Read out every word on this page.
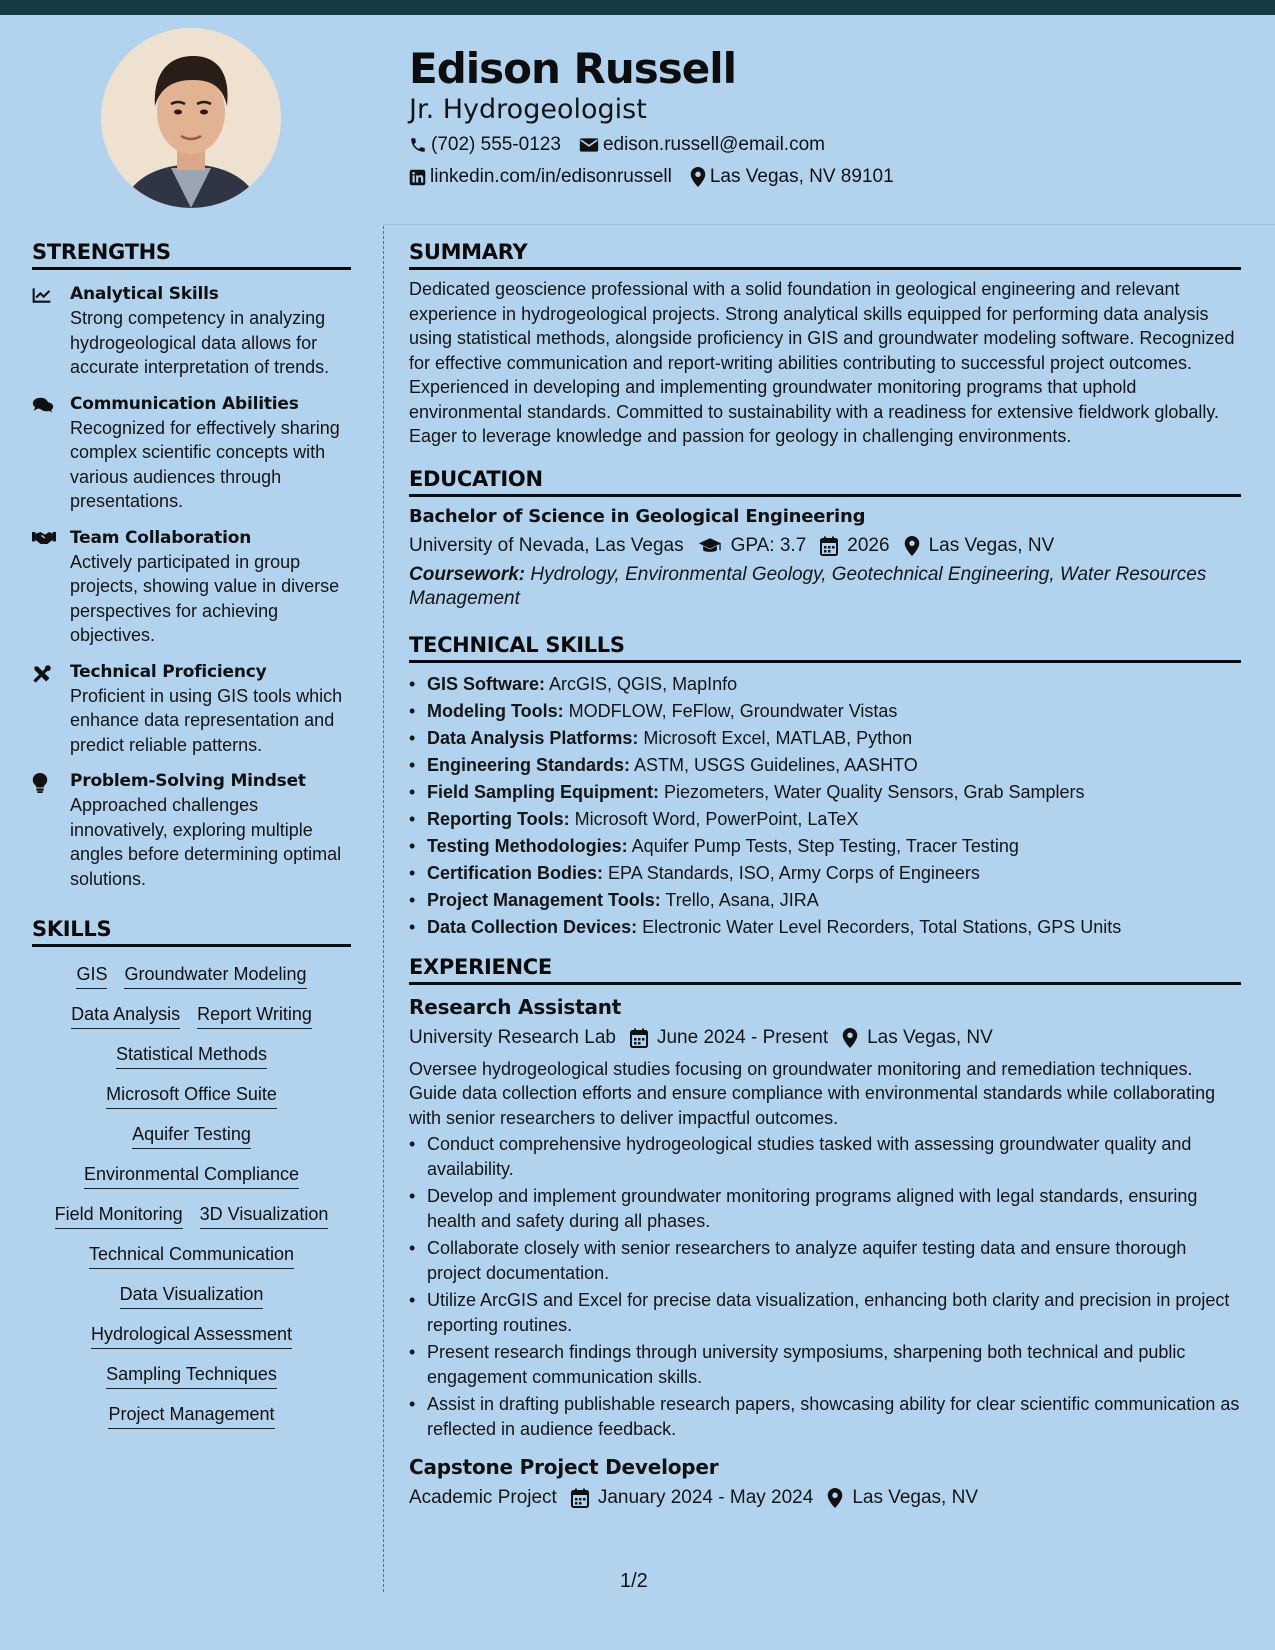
Edison Russell
Jr. Hydrogeologist
(702) 555-0123 edison.russell@email.com
linkedin.com/in/edisonrussell Las Vegas, NV 89101
STRENGTHS
Analytical Skills
Strong competency in analyzing hydrogeological data allows for accurate interpretation of trends.
Communication Abilities
Recognized for effectively sharing complex scientific concepts with various audiences through presentations.
Team Collaboration
Actively participated in group projects, showing value in diverse perspectives for achieving objectives.
Technical Proficiency
Proficient in using GIS tools which enhance data representation and predict reliable patterns.
Problem-Solving Mindset
Approached challenges innovatively, exploring multiple angles before determining optimal solutions.
SKILLS
GIS Groundwater Modeling
Data Analysis Report Writing
Statistical Methods
Microsoft Office Suite
Aquifer Testing
Environmental Compliance
Field Monitoring 3D Visualization
Technical Communication
Data Visualization
Hydrological Assessment
Sampling Techniques
Project Management
SUMMARY
Dedicated geoscience professional with a solid foundation in geological engineering and relevant experience in hydrogeological projects. Strong analytical skills equipped for performing data analysis using statistical methods, alongside proficiency in GIS and groundwater modeling software. Recognized for effective communication and report-writing abilities contributing to successful project outcomes. Experienced in developing and implementing groundwater monitoring programs that uphold environmental standards. Committed to sustainability with a readiness for extensive fieldwork globally. Eager to leverage knowledge and passion for geology in challenging environments.
EDUCATION
Bachelor of Science in Geological Engineering
University of Nevada, Las Vegas GPA: 3.7 2026 Las Vegas, NV
Coursework: Hydrology, Environmental Geology, Geotechnical Engineering, Water Resources Management
TECHNICAL SKILLS
• GIS Software: ArcGIS, QGIS, MapInfo
• Modeling Tools: MODFLOW, FeFlow, Groundwater Vistas
• Data Analysis Platforms: Microsoft Excel, MATLAB, Python
• Engineering Standards: ASTM, USGS Guidelines, AASHTO
• Field Sampling Equipment: Piezometers, Water Quality Sensors, Grab Samplers
• Reporting Tools: Microsoft Word, PowerPoint, LaTeX
• Testing Methodologies: Aquifer Pump Tests, Step Testing, Tracer Testing
• Certification Bodies: EPA Standards, ISO, Army Corps of Engineers
• Project Management Tools: Trello, Asana, JIRA
• Data Collection Devices: Electronic Water Level Recorders, Total Stations, GPS Units
EXPERIENCE
Research Assistant
University Research Lab June 2024 - Present Las Vegas, NV
Oversee hydrogeological studies focusing on groundwater monitoring and remediation techniques. Guide data collection efforts and ensure compliance with environmental standards while collaborating with senior researchers to deliver impactful outcomes.
• Conduct comprehensive hydrogeological studies tasked with assessing groundwater quality and availability.
• Develop and implement groundwater monitoring programs aligned with legal standards, ensuring health and safety during all phases.
• Collaborate closely with senior researchers to analyze aquifer testing data and ensure thorough project documentation.
• Utilize ArcGIS and Excel for precise data visualization, enhancing both clarity and precision in project reporting routines.
• Present research findings through university symposiums, sharpening both technical and public engagement communication skills.
• Assist in drafting publishable research papers, showcasing ability for clear scientific communication as reflected in audience feedback.
Capstone Project Developer
Academic Project January 2024 - May 2024 Las Vegas, NV
1/2
